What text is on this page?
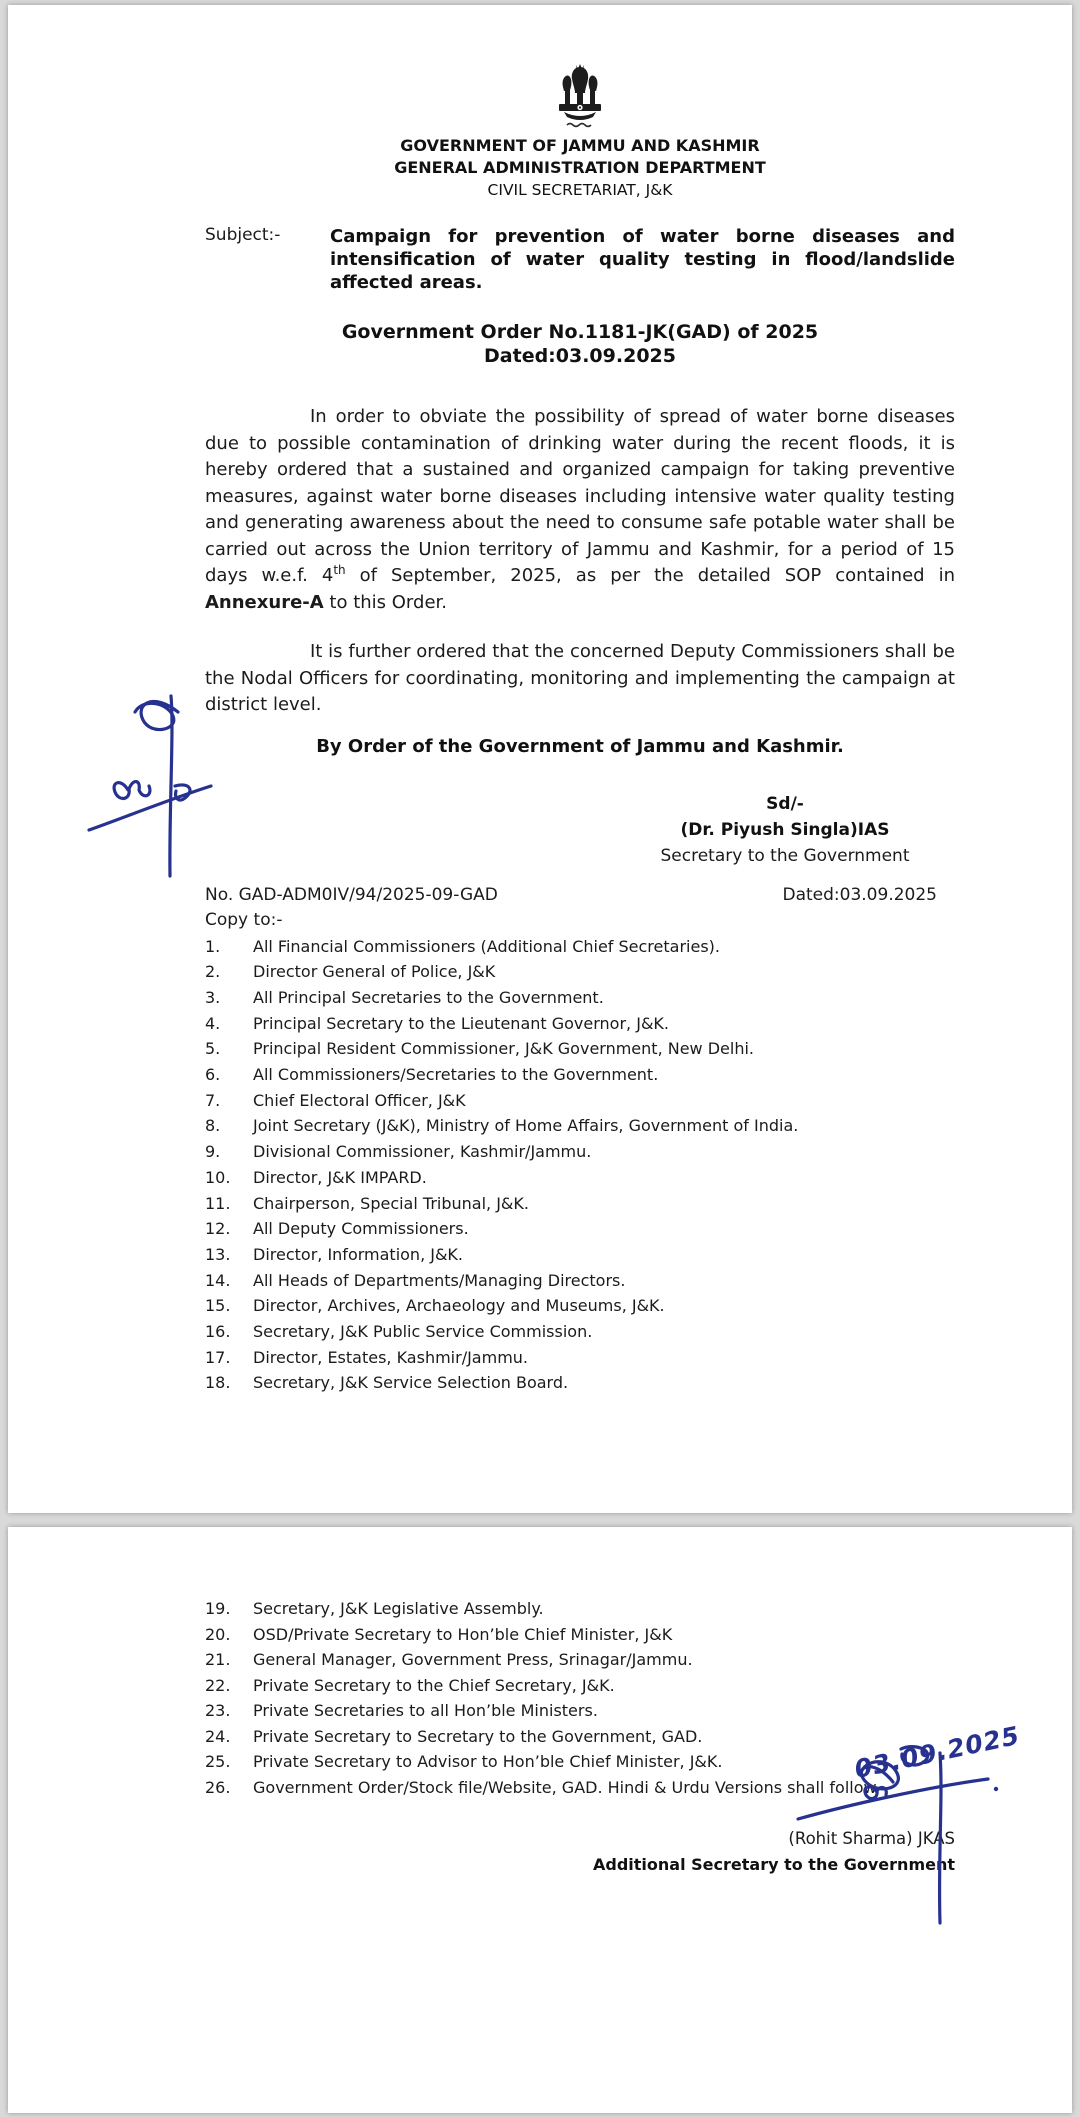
GOVERNMENT OF JAMMU AND KASHMIR
GENERAL ADMINISTRATION DEPARTMENT
CIVIL SECRETARIAT, J&K
Subject:-	Campaign for prevention of water borne diseases and intensification of water quality testing in flood/landslide affected areas.
Government Order No.1181-JK(GAD) of 2025
Dated:03.09.2025

In order to obviate the possibility of spread of water borne diseases due to possible contamination of drinking water during the recent floods, it is hereby ordered that a sustained and organized campaign for taking preventive measures, against water borne diseases including intensive water quality testing and generating awareness about the need to consume safe potable water shall be carried out across the Union territory of Jammu and Kashmir, for a period of 15 days w.e.f. 4th of September, 2025, as per the detailed SOP contained in Annexure-A to this Order.

It is further ordered that the concerned Deputy Commissioners shall be the Nodal Officers for coordinating, monitoring and implementing the campaign at district level.

By Order of the Government of Jammu and Kashmir.
Sd/-
(Dr. Piyush Singla)IAS
Secretary to the Government
No. GAD-ADM0IV/94/2025-09-GAD	Dated:03.09.2025
Copy to:-
1.	All Financial Commissioners (Additional Chief Secretaries).
2.	Director General of Police, J&K
3.	All Principal Secretaries to the Government.
4.	Principal Secretary to the Lieutenant Governor, J&K.
5.	Principal Resident Commissioner, J&K Government, New Delhi.
6.	All Commissioners/Secretaries to the Government.
7.	Chief Electoral Officer, J&K
8.	Joint Secretary (J&K), Ministry of Home Affairs, Government of India.
9.	Divisional Commissioner, Kashmir/Jammu.
10.	Director, J&K IMPARD.
11.	Chairperson, Special Tribunal, J&K.
12.	All Deputy Commissioners.
13.	Director, Information, J&K.
14.	All Heads of Departments/Managing Directors.
15.	Director, Archives, Archaeology and Museums, J&K.
16.	Secretary, J&K Public Service Commission.
17.	Director, Estates, Kashmir/Jammu.
18.	Secretary, J&K Service Selection Board.
19.	Secretary, J&K Legislative Assembly.
20.	OSD/Private Secretary to Hon’ble Chief Minister, J&K
21.	General Manager, Government Press, Srinagar/Jammu.
22.	Private Secretary to the Chief Secretary, J&K.
23.	Private Secretaries to all Hon’ble Ministers.
24.	Private Secretary to Secretary to the Government, GAD.
25.	Private Secretary to Advisor to Hon’ble Chief Minister, J&K.
26.	Government Order/Stock file/Website, GAD. Hindi & Urdu Versions shall follow.
(Rohit Sharma) JKAS
Additional Secretary to the Government
03.09.2025
